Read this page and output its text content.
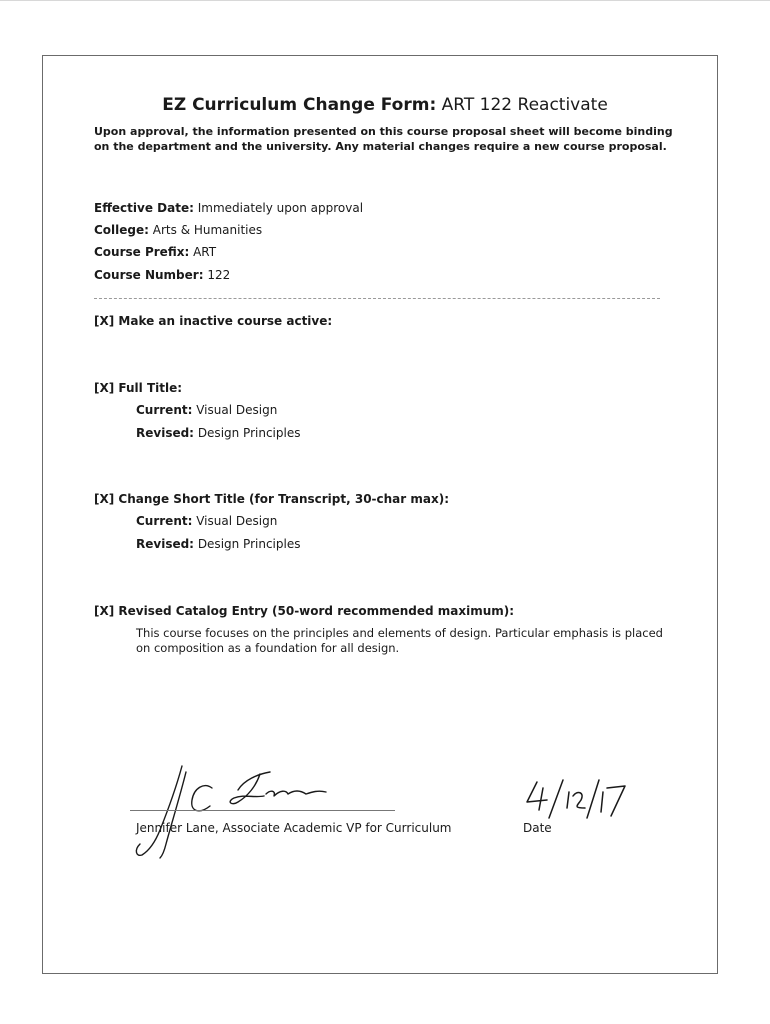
EZ Curriculum Change Form: ART 122 Reactivate
Upon approval, the information presented on this course proposal sheet will become binding on the department and the university. Any material changes require a new course proposal.
Effective Date: Immediately upon approval
College: Arts & Humanities
Course Prefix: ART
Course Number: 122
[X] Make an inactive course active:
[X] Full Title:
Current: Visual Design
Revised: Design Principles
[X] Change Short Title (for Transcript, 30-char max):
Current: Visual Design
Revised: Design Principles
[X] Revised Catalog Entry (50-word recommended maximum):
This course focuses on the principles and elements of design. Particular emphasis is placed on composition as a foundation for all design.
Jennifer Lane, Associate Academic VP for Curriculum	Date
